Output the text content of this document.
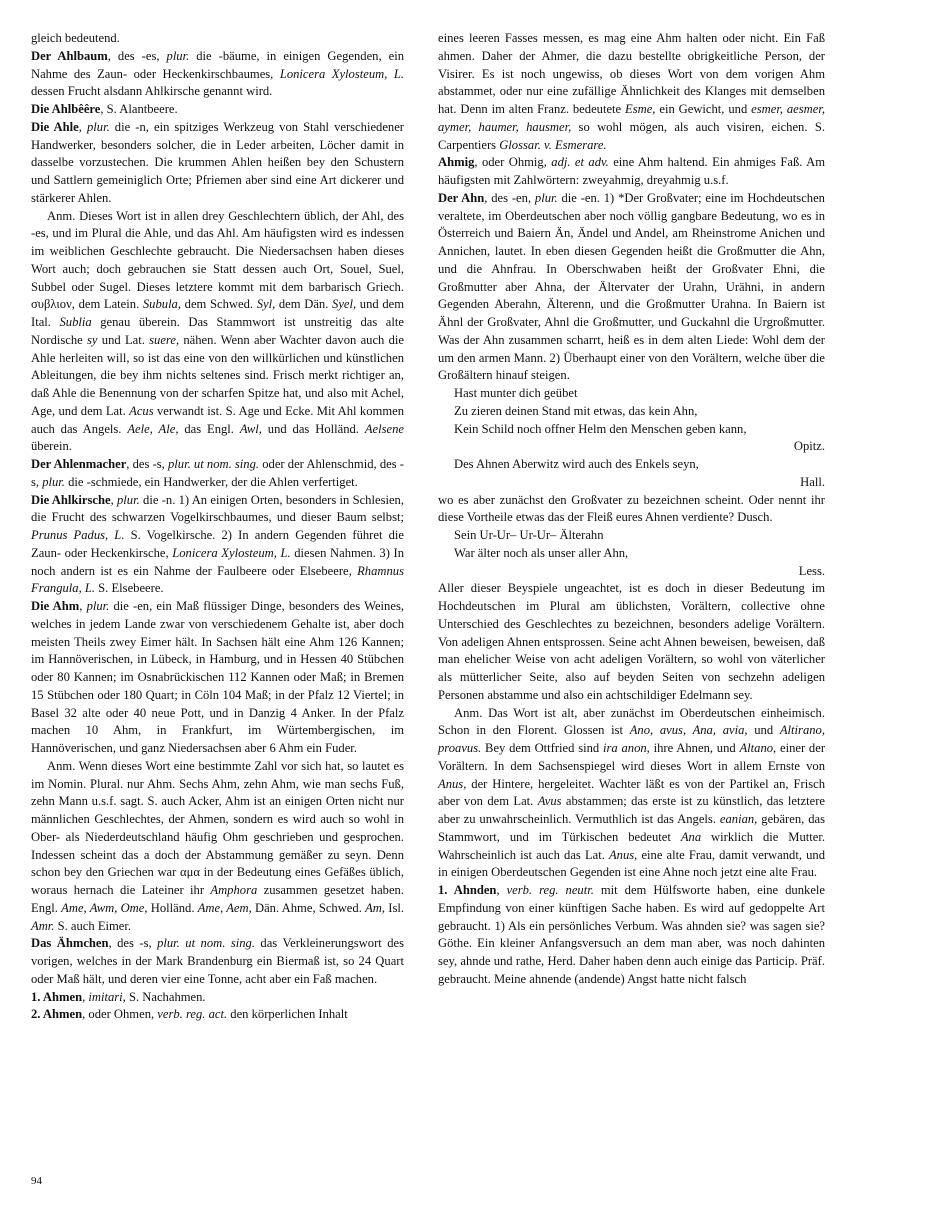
gleich bedeutend.

Der Ahlbaum, des -es, plur. die -bäume, in einigen Gegenden, ein Nahme des Zaun- oder Heckenkirschbaumes, Lonicera Xylosteum, L. dessen Frucht alsdann Ahlkirsche genannt wird.

Die Ahlbêêre, S. Alantbeere.

Die Ahle, plur. die -n, ein spitziges Werkzeug von Stahl verschiedener Handwerker, besonders solcher, die in Leder arbeiten, Löcher damit in dasselbe vorzustechen. Die krummen Ahlen heißen bey den Schustern und Sattlern gemeiniglich Orte; Pfriemen aber sind eine Art dickerer und stärkerer Ahlen.

Anm. Dieses Wort ist in allen drey Geschlechtern üblich, der Ahl, des -es, und im Plural die Ahle, und das Ahl. Am häufigsten wird es indessen im weiblichen Geschlechte gebraucht. Die Niedersachsen haben dieses Wort auch; doch gebrauchen sie Statt dessen auch Ort, Souel, Suel, Subbel oder Sugel. Dieses letztere kommt mit dem barbarisch Griech. συβλιον, dem Latein. Subula, dem Schwed. Syl, dem Dän. Syel, und dem Ital. Sublia genau überein. Das Stammwort ist unstreitig das alte Nordische sy und Lat. suere, nähen. Wenn aber Wachter davon auch die Ahle herleiten will, so ist das eine von den willkürlichen und künstlichen Ableitungen, die bey ihm nichts seltenes sind. Frisch merkt richtiger an, daß Ahle die Benennung von der scharfen Spitze hat, und also mit Achel, Age, und dem Lat. Acus verwandt ist. S. Age und Ecke. Mit Ahl kommen auch das Angels. Aele, Ale, das Engl. Awl, und das Holländ. Aelsene überein.

Der Ahlenmacher, des -s, plur. ut nom. sing. oder der Ahlenschmid, des -s, plur. die -schmiede, ein Handwerker, der die Ahlen verfertiget.

Die Ahlkirsche, plur. die -n. 1) An einigen Orten, besonders in Schlesien, die Frucht des schwarzen Vogelkirschbaumes, und dieser Baum selbst; Prunus Padus, L. S. Vogelkirsche. 2) In andern Gegenden führet die Zaun- oder Heckenkirsche, Lonicera Xylosteum, L. diesen Nahmen. 3) In noch andern ist es ein Nahme der Faulbeere oder Elsebeere, Rhamnus Frangula, L. S. Elsebeere.

Die Ahm, plur. die -en, ein Maß flüssiger Dinge, besonders des Weines, welches in jedem Lande zwar von verschiedenem Gehalte ist, aber doch meisten Theils zwey Eimer hält. In Sachsen hält eine Ahm 126 Kannen; im Hannöverischen, in Lübeck, in Hamburg, und in Hessen 40 Stübchen oder 80 Kannen; im Osnabrückischen 112 Kannen oder Maß; in Bremen 15 Stübchen oder 180 Quart; in Cöln 104 Maß; in der Pfalz 12 Viertel; in Basel 32 alte oder 40 neue Pott, und in Danzig 4 Anker. In der Pfalz machen 10 Ahm, in Frankfurt, im Würtembergischen, im Hannöverischen, und ganz Niedersachsen aber 6 Ahm ein Fuder.

Anm. Wenn dieses Wort eine bestimmte Zahl vor sich hat, so lautet es im Nomin. Plural. nur Ahm. Sechs Ahm, zehn Ahm, wie man sechs Fuß, zehn Mann u.s.f. sagt. S. auch Acker, Ahm ist an einigen Orten nicht nur männlichen Geschlechtes, der Ahmen, sondern es wird auch so wohl in Ober- als Niederdeutschland häufig Ohm geschrieben und gesprochen. Indessen scheint das a doch der Abstammung gemäßer zu seyn. Denn schon bey den Griechen war αμα in der Bedeutung eines Gefäßes üblich, woraus hernach die Lateiner ihr Amphora zusammen gesetzet haben. Engl. Ame, Awm, Ome, Holländ. Ame, Aem, Dän. Ahme, Schwed. Am, Isl. Amr. S. auch Eimer.

Das Ähmchen, des -s, plur. ut nom. sing. das Verkleinerungswort des vorigen, welches in der Mark Brandenburg ein Biermaß ist, so 24 Quart oder Maß hält, und deren vier eine Tonne, acht aber ein Faß machen.

1. Ahmen, imitari, S. Nachahmen.

2. Ahmen, oder Ohmen, verb. reg. act. den körperlichen Inhalt

eines leeren Fasses messen, es mag eine Ahm halten oder nicht. Ein Faß ahmen. Daher der Ahmer, die dazu bestellte obrigkeitliche Person, der Visirer. Es ist noch ungewiss, ob dieses Wort von dem vorigen Ahm abstammet, oder nur eine zufällige Ähnlichkeit des Klanges mit demselben hat. Denn im alten Franz. bedeutete Esme, ein Gewicht, und esmer, aesmer, aymer, haumer, hausmer, so wohl mögen, als auch visiren, eichen. S. Carpentiers Glossar. v. Esmerare.

Ahmig, oder Ohmig, adj. et adv. eine Ahm haltend. Ein ahmiges Faß. Am häufigsten mit Zahlwörtern: zweyahmig, dreyahmig u.s.f.

Der Ahn, des -en, plur. die -en. 1) *Der Großvater; eine im Hochdeutschen veraltete, im Oberdeutschen aber noch völlig gangbare Bedeutung, wo es in Österreich und Baiern Än, Ändel und Andel, am Rheinstrome Anichen und Annichen, lautet. In eben diesen Gegenden heißt die Großmutter die Ahn, und die Ahnfrau. In Oberschwaben heißt der Großvater Ehni, die Großmutter aber Ahna, der Ältervater der Urahn, Urähni, in andern Gegenden Aberahn, Älterenn, und die Großmutter Urahna. In Baiern ist Ähnl der Großvater, Ahnl die Großmutter, und Guckahnl die Urgroßmutter. Was der Ahn zusammen scharrt, heiß es in dem alten Liede: Wohl dem der um den armen Mann. 2) Überhaupt einer von den Vorältern, welche über die Großältern hinauf steigen.

Hast munter dich geübet

Zu zieren deinen Stand mit etwas, das kein Ahn,

Kein Schild noch offner Helm den Menschen geben kann,

Opitz.

Des Ahnen Aberwitz wird auch des Enkels seyn,

Hall.

wo es aber zunächst den Großvater zu bezeichnen scheint. Oder nennt ihr diese Vortheile etwas das der Fleiß eures Ahnen verdiente? Dusch.

Sein Ur-Ur– Ur-Ur– Älterahn

War älter noch als unser aller Ahn,

Less.

Aller dieser Beyspiele ungeachtet, ist es doch in dieser Bedeutung im Hochdeutschen im Plural am üblichsten, Vorältern, collective ohne Unterschied des Geschlechtes zu bezeichnen, besonders adelige Vorältern. Von adeligen Ahnen entsprossen. Seine acht Ahnen beweisen, beweisen, daß man ehelicher Weise von acht adeligen Vorältern, so wohl von väterlicher als mütterlicher Seite, also auf beyden Seiten von sechzehn adeligen Personen abstamme und also ein achtschildiger Edelmann sey.

Anm. Das Wort ist alt, aber zunächst im Oberdeutschen einheimisch. Schon in den Florent. Glossen ist Ano, avus, Ana, avia, und Altirano, proavus. Bey dem Ottfried sind ira anon, ihre Ahnen, und Altano, einer der Vorältern. In dem Sachsenspiegel wird dieses Wort in allem Ernste von Anus, der Hintere, hergeleitet. Wachter läßt es von der Partikel an, Frisch aber von dem Lat. Avus abstammen; das erste ist zu künstlich, das letztere aber zu unwahrscheinlich. Vermuthlich ist das Angels. eanian, gebären, das Stammwort, und im Türkischen bedeutet Ana wirklich die Mutter. Wahrscheinlich ist auch das Lat. Anus, eine alte Frau, damit verwandt, und in einigen Oberdeutschen Gegenden ist eine Ahne noch jetzt eine alte Frau.

1. Ahnden, verb. reg. neutr. mit dem Hülfsworte haben, eine dunkele Empfindung von einer künftigen Sache haben. Es wird auf gedoppelte Art gebraucht. 1) Als ein persönliches Verbum. Was ahnden sie? was sagen sie? Göthe. Ein kleiner Anfangsversuch an dem man aber, was noch dahinten sey, ahnde und rathe, Herd. Daher haben denn auch einige das Particip. Präf. gebraucht. Meine ahnende (andende) Angst hatte nicht falsch

94
